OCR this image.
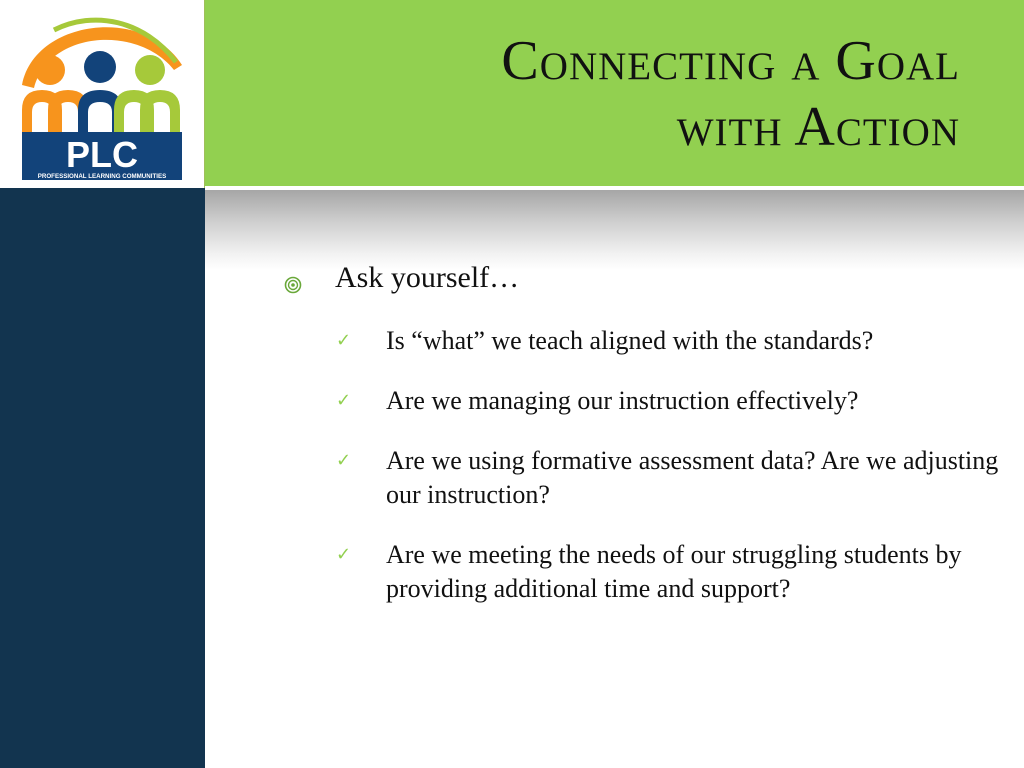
PLC
PROFESSIONAL LEARNING COMMUNITIES
Connecting a Goal
with Action
Ask yourself…
✓ Is “what” we teach aligned with the standards?
✓ Are we managing our instruction effectively?
✓ Are we using formative assessment data? Are we adjusting our instruction?
✓ Are we meeting the needs of our struggling students by providing additional time and support?
